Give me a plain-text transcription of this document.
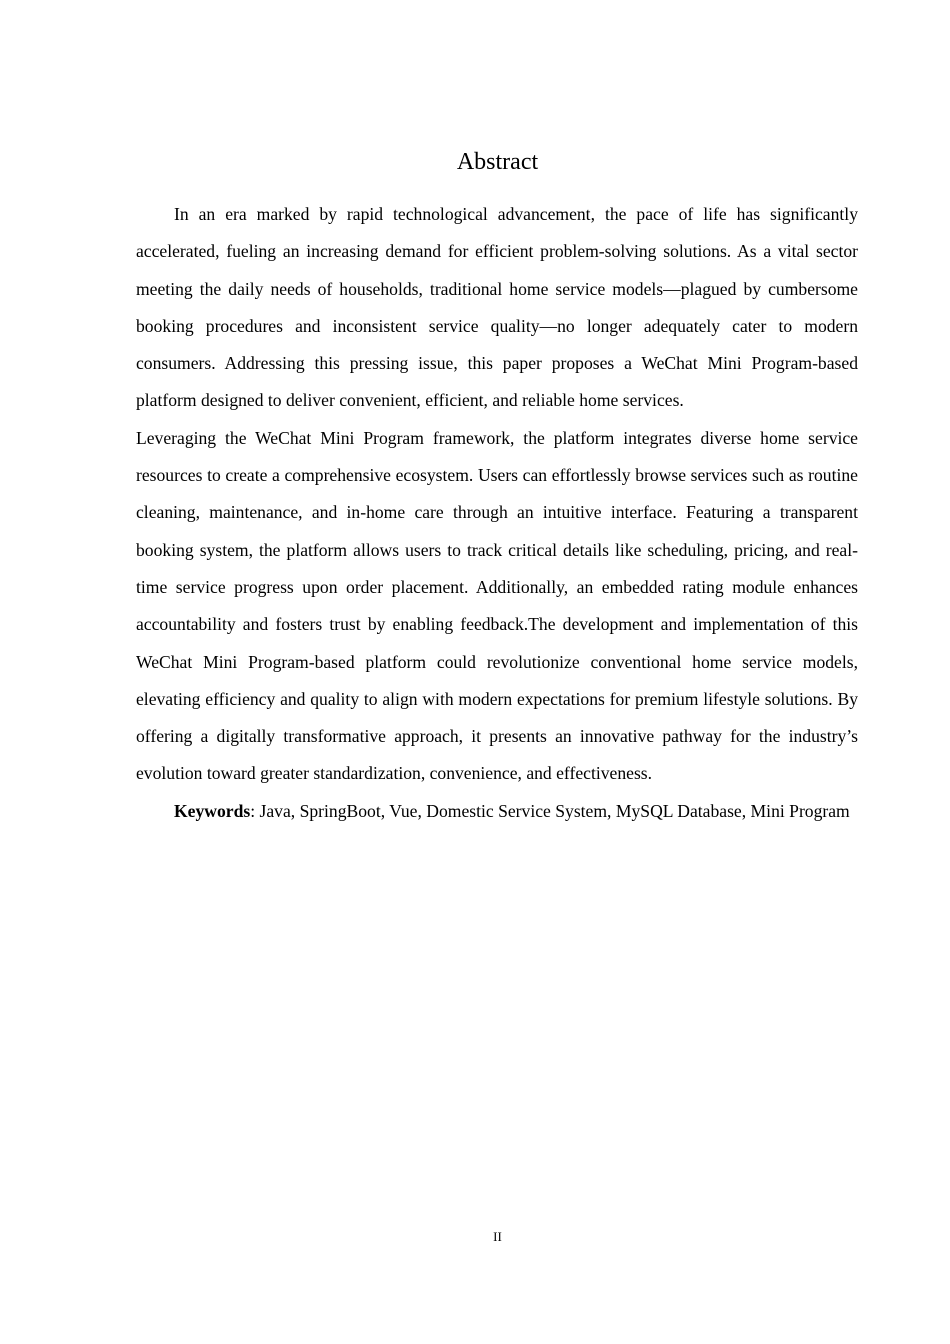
Abstract

In an era marked by rapid technological advancement, the pace of life has significantly accelerated, fueling an increasing demand for efficient problem-solving solutions. As a vital sector meeting the daily needs of households, traditional home service models—plagued by cumbersome booking procedures and inconsistent service quality—no longer adequately cater to modern consumers. Addressing this pressing issue, this paper proposes a WeChat Mini Program-based platform designed to deliver convenient, efficient, and reliable home services.

Leveraging the WeChat Mini Program framework, the platform integrates diverse home service resources to create a comprehensive ecosystem. Users can effortlessly browse services such as routine cleaning, maintenance, and in-home care through an intuitive interface. Featuring a transparent booking system, the platform allows users to track critical details like scheduling, pricing, and real-time service progress upon order placement. Additionally, an embedded rating module enhances accountability and fosters trust by enabling feedback.The development and implementation of this WeChat Mini Program-based platform could revolutionize conventional home service models, elevating efficiency and quality to align with modern expectations for premium lifestyle solutions. By offering a digitally transformative approach, it presents an innovative pathway for the industry’s evolution toward greater standardization, convenience, and effectiveness.

Keywords: Java, SpringBoot, Vue, Domestic Service System, MySQL Database, Mini Program

II
